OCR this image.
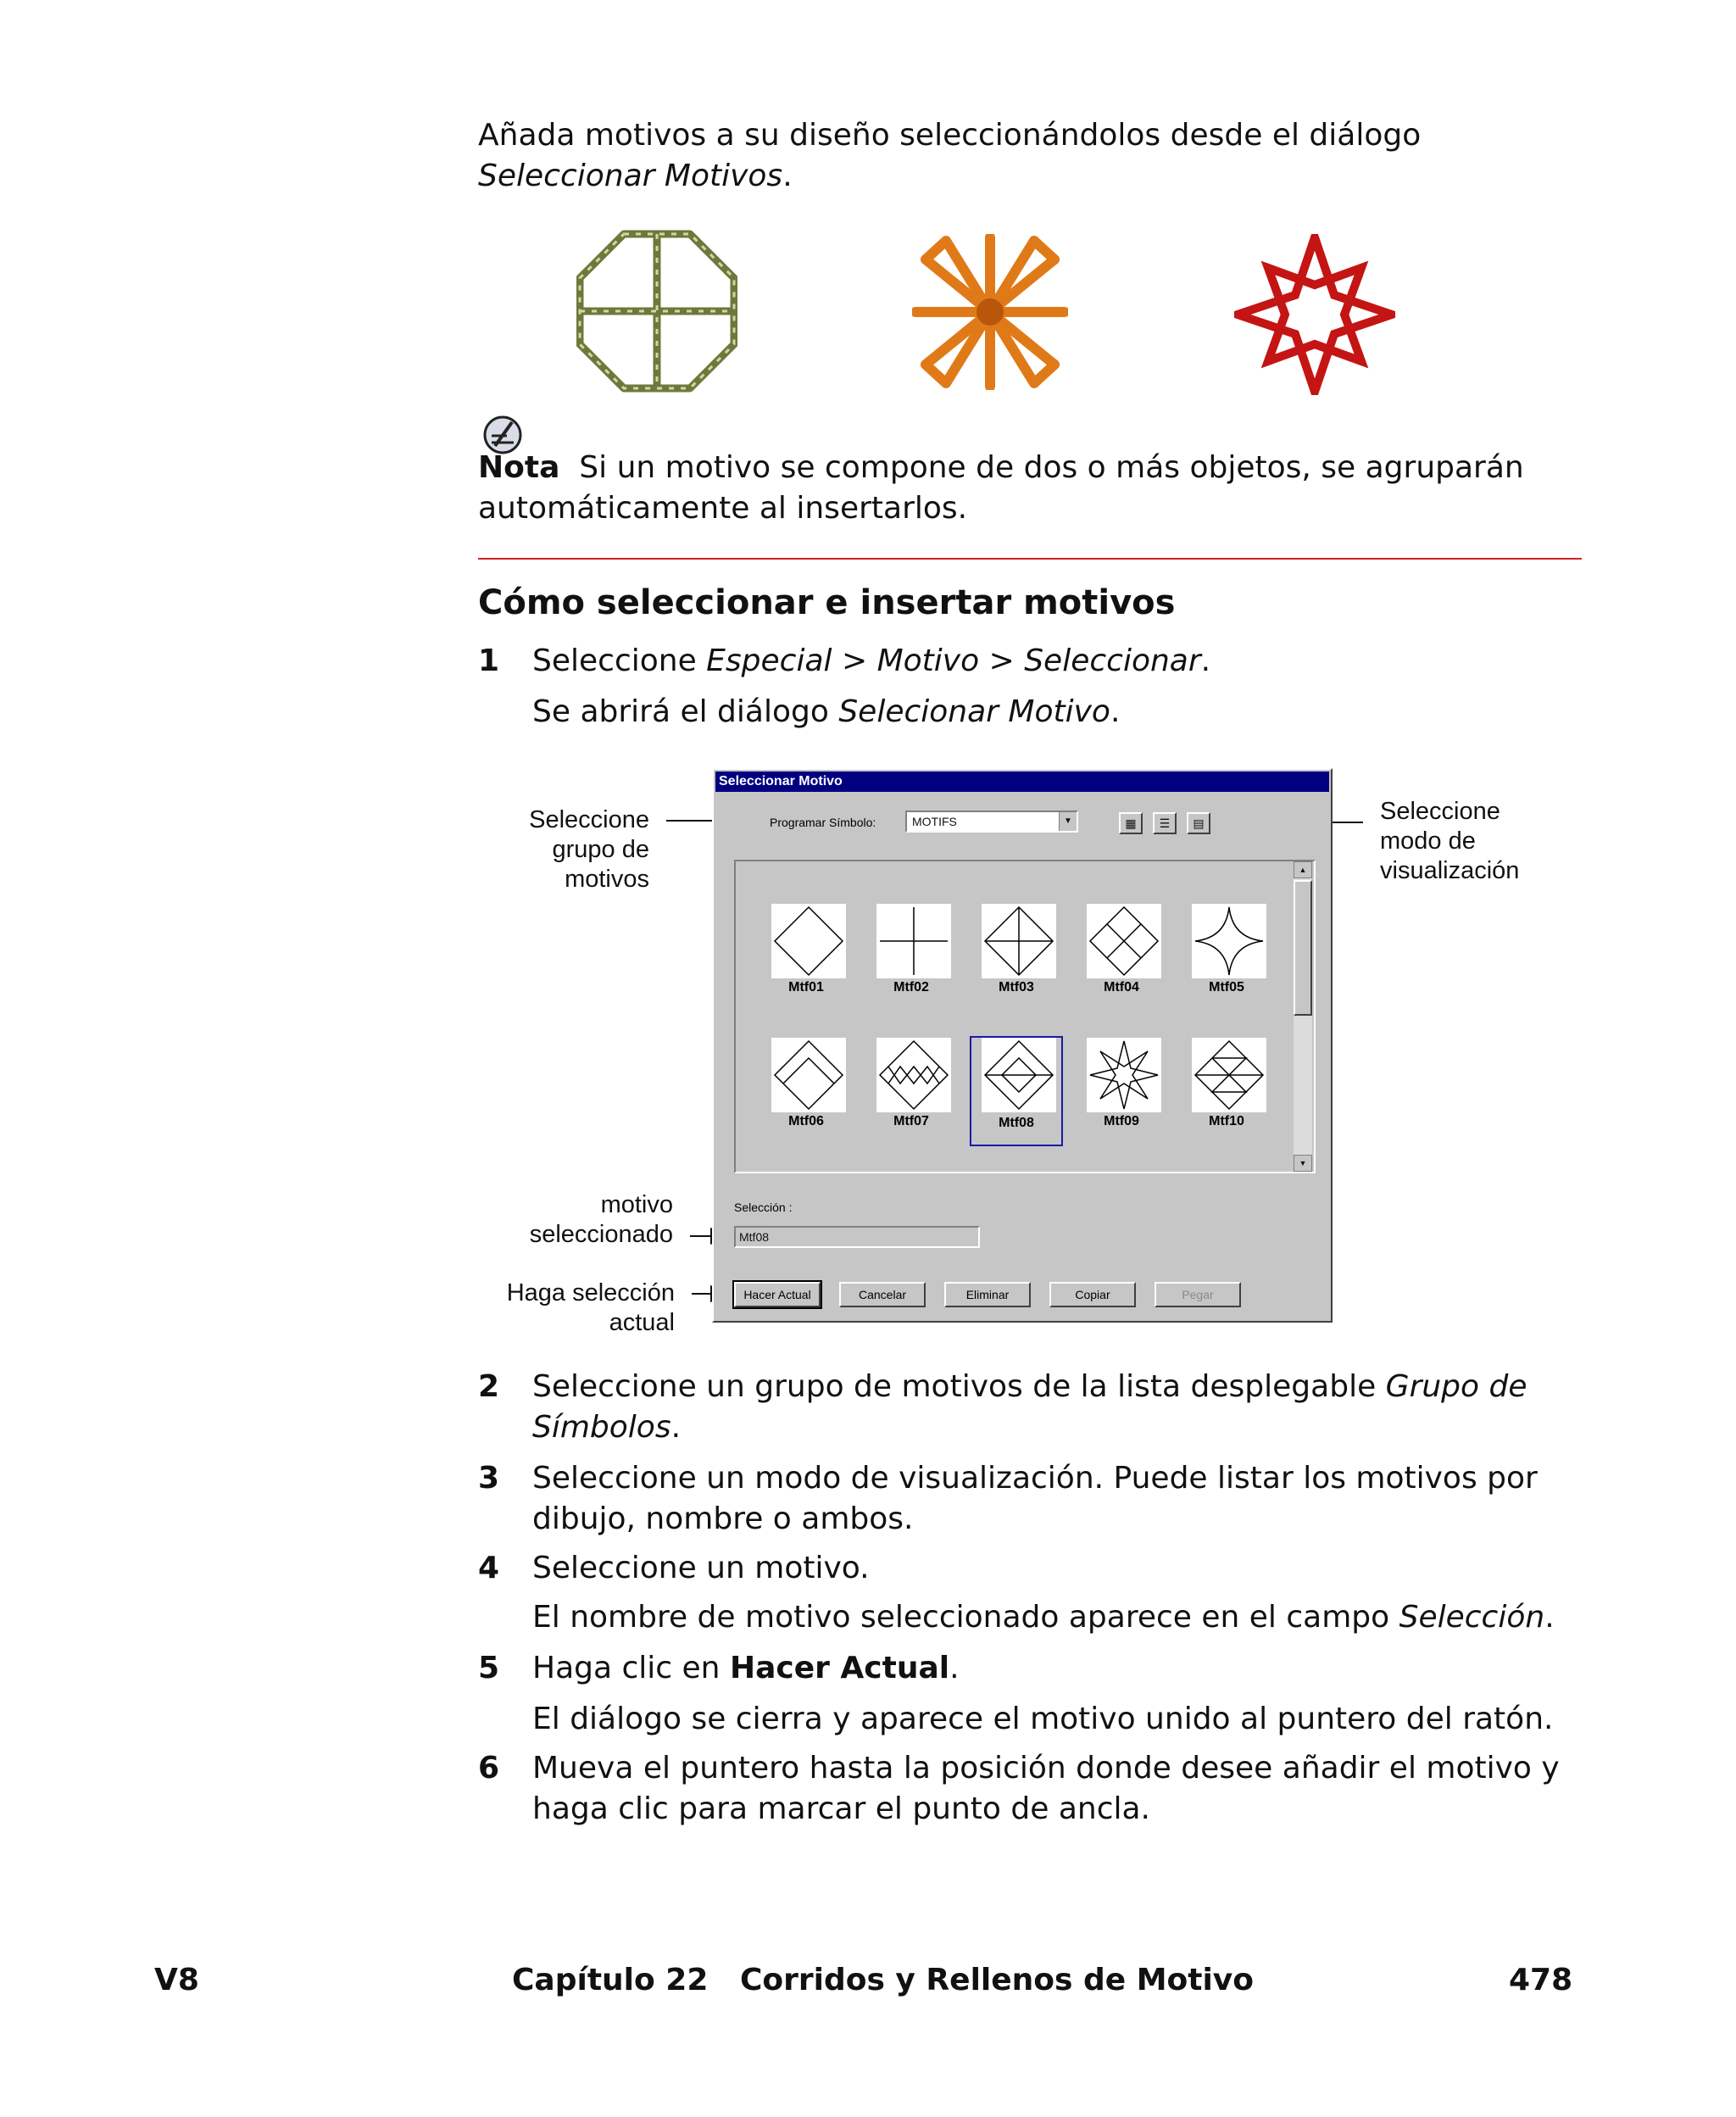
Añada motivos a su diseño seleccionándolos desde el diálogo Seleccionar Motivos.
Nota Si un motivo se compone de dos o más objetos, se agruparán automáticamente al insertarlos.
Cómo seleccionar e insertar motivos
1 Seleccione Especial > Motivo > Seleccionar.
Se abrirá el diálogo Selecionar Motivo.
Seleccione
grupo de
motivos
Seleccione
modo de
visualización
motivo
seleccionado
Haga selección
actual
Seleccionar Motivo
Programar Símbolo:	MOTIFS	▼	▦	☰	▤
Mtf01	Mtf02	Mtf03	Mtf04	Mtf05
Mtf06	Mtf07	Mtf08	Mtf09	Mtf10
▲
▼
Selección :
Mtf08
Hacer Actual	Cancelar	Eliminar	Copiar	Pegar
2 Seleccione un grupo de motivos de la lista desplegable Grupo de Símbolos.
3 Seleccione un modo de visualización. Puede listar los motivos por dibujo, nombre o ambos.
4 Seleccione un motivo.
El nombre de motivo seleccionado aparece en el campo Selección.
5 Haga clic en Hacer Actual.
El diálogo se cierra y aparece el motivo unido al puntero del ratón.
6 Mueva el puntero hasta la posición donde desee añadir el motivo y haga clic para marcar el punto de ancla.
V8	Capítulo 22   Corridos y Rellenos de Motivo	478
